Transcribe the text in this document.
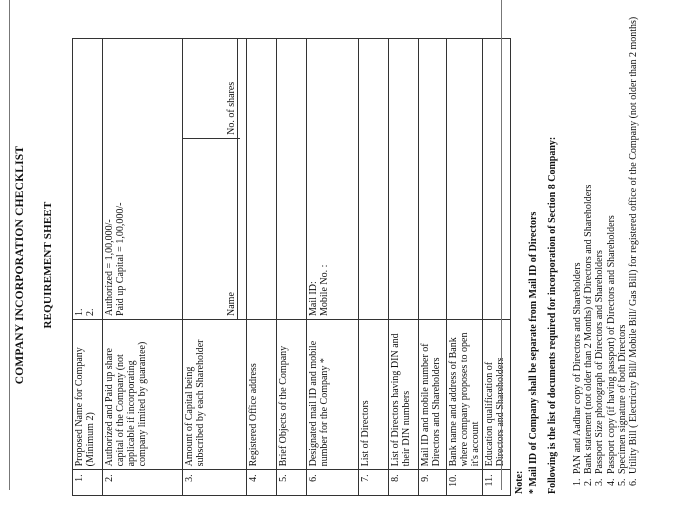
COMPANY INCORPORATION CHECKLIST REQUIREMENT SHEET
1.	Proposed Name for Company (Minimum 2)	
1. 2.

2.	Authorized and Paid up share capital of the Company (not applicable if incorporating company limited by guarantee)	
Authorized = 1,00,000/- Paid up Capital = 1,00,000/-

3.	Amount of Capital being subscribed by each Shareholder	
Name	No. of shares

4.	Registered Office address	
5.	Brief Objects of the Company	
6.	Designated mail ID and mobile number for the Company *	
Mail ID: Mobile No. :

7.	List of Directors	
8.	List of Directors having DIN and their DIN numbers	
9.	Mail ID and mobile number of Directors and Shareholders	
10.	Bank name and address of Bank where company proposes to open it's account	
11.	Education qualification of Directors and Shareholders	
Note: * Mail ID of Company shall be separate from Mail ID of Directors Following is the list of documents required for incorporation of Section 8 Company: 1. PAN and Aadhar copy of Directors and Shareholders 2. Bank statement (not older than 2 Months) of Directors and Shareholders 3. Passport Size photograph of Directors and Shareholders 4. Passport copy (if having passport) of Directors and Shareholders 5. Specimen signature of both Directors 6. Utility Bill ( Electricity Bill/ Mobile Bill/ Gas Bill) for registered office of the Company (not older than 2 months)
